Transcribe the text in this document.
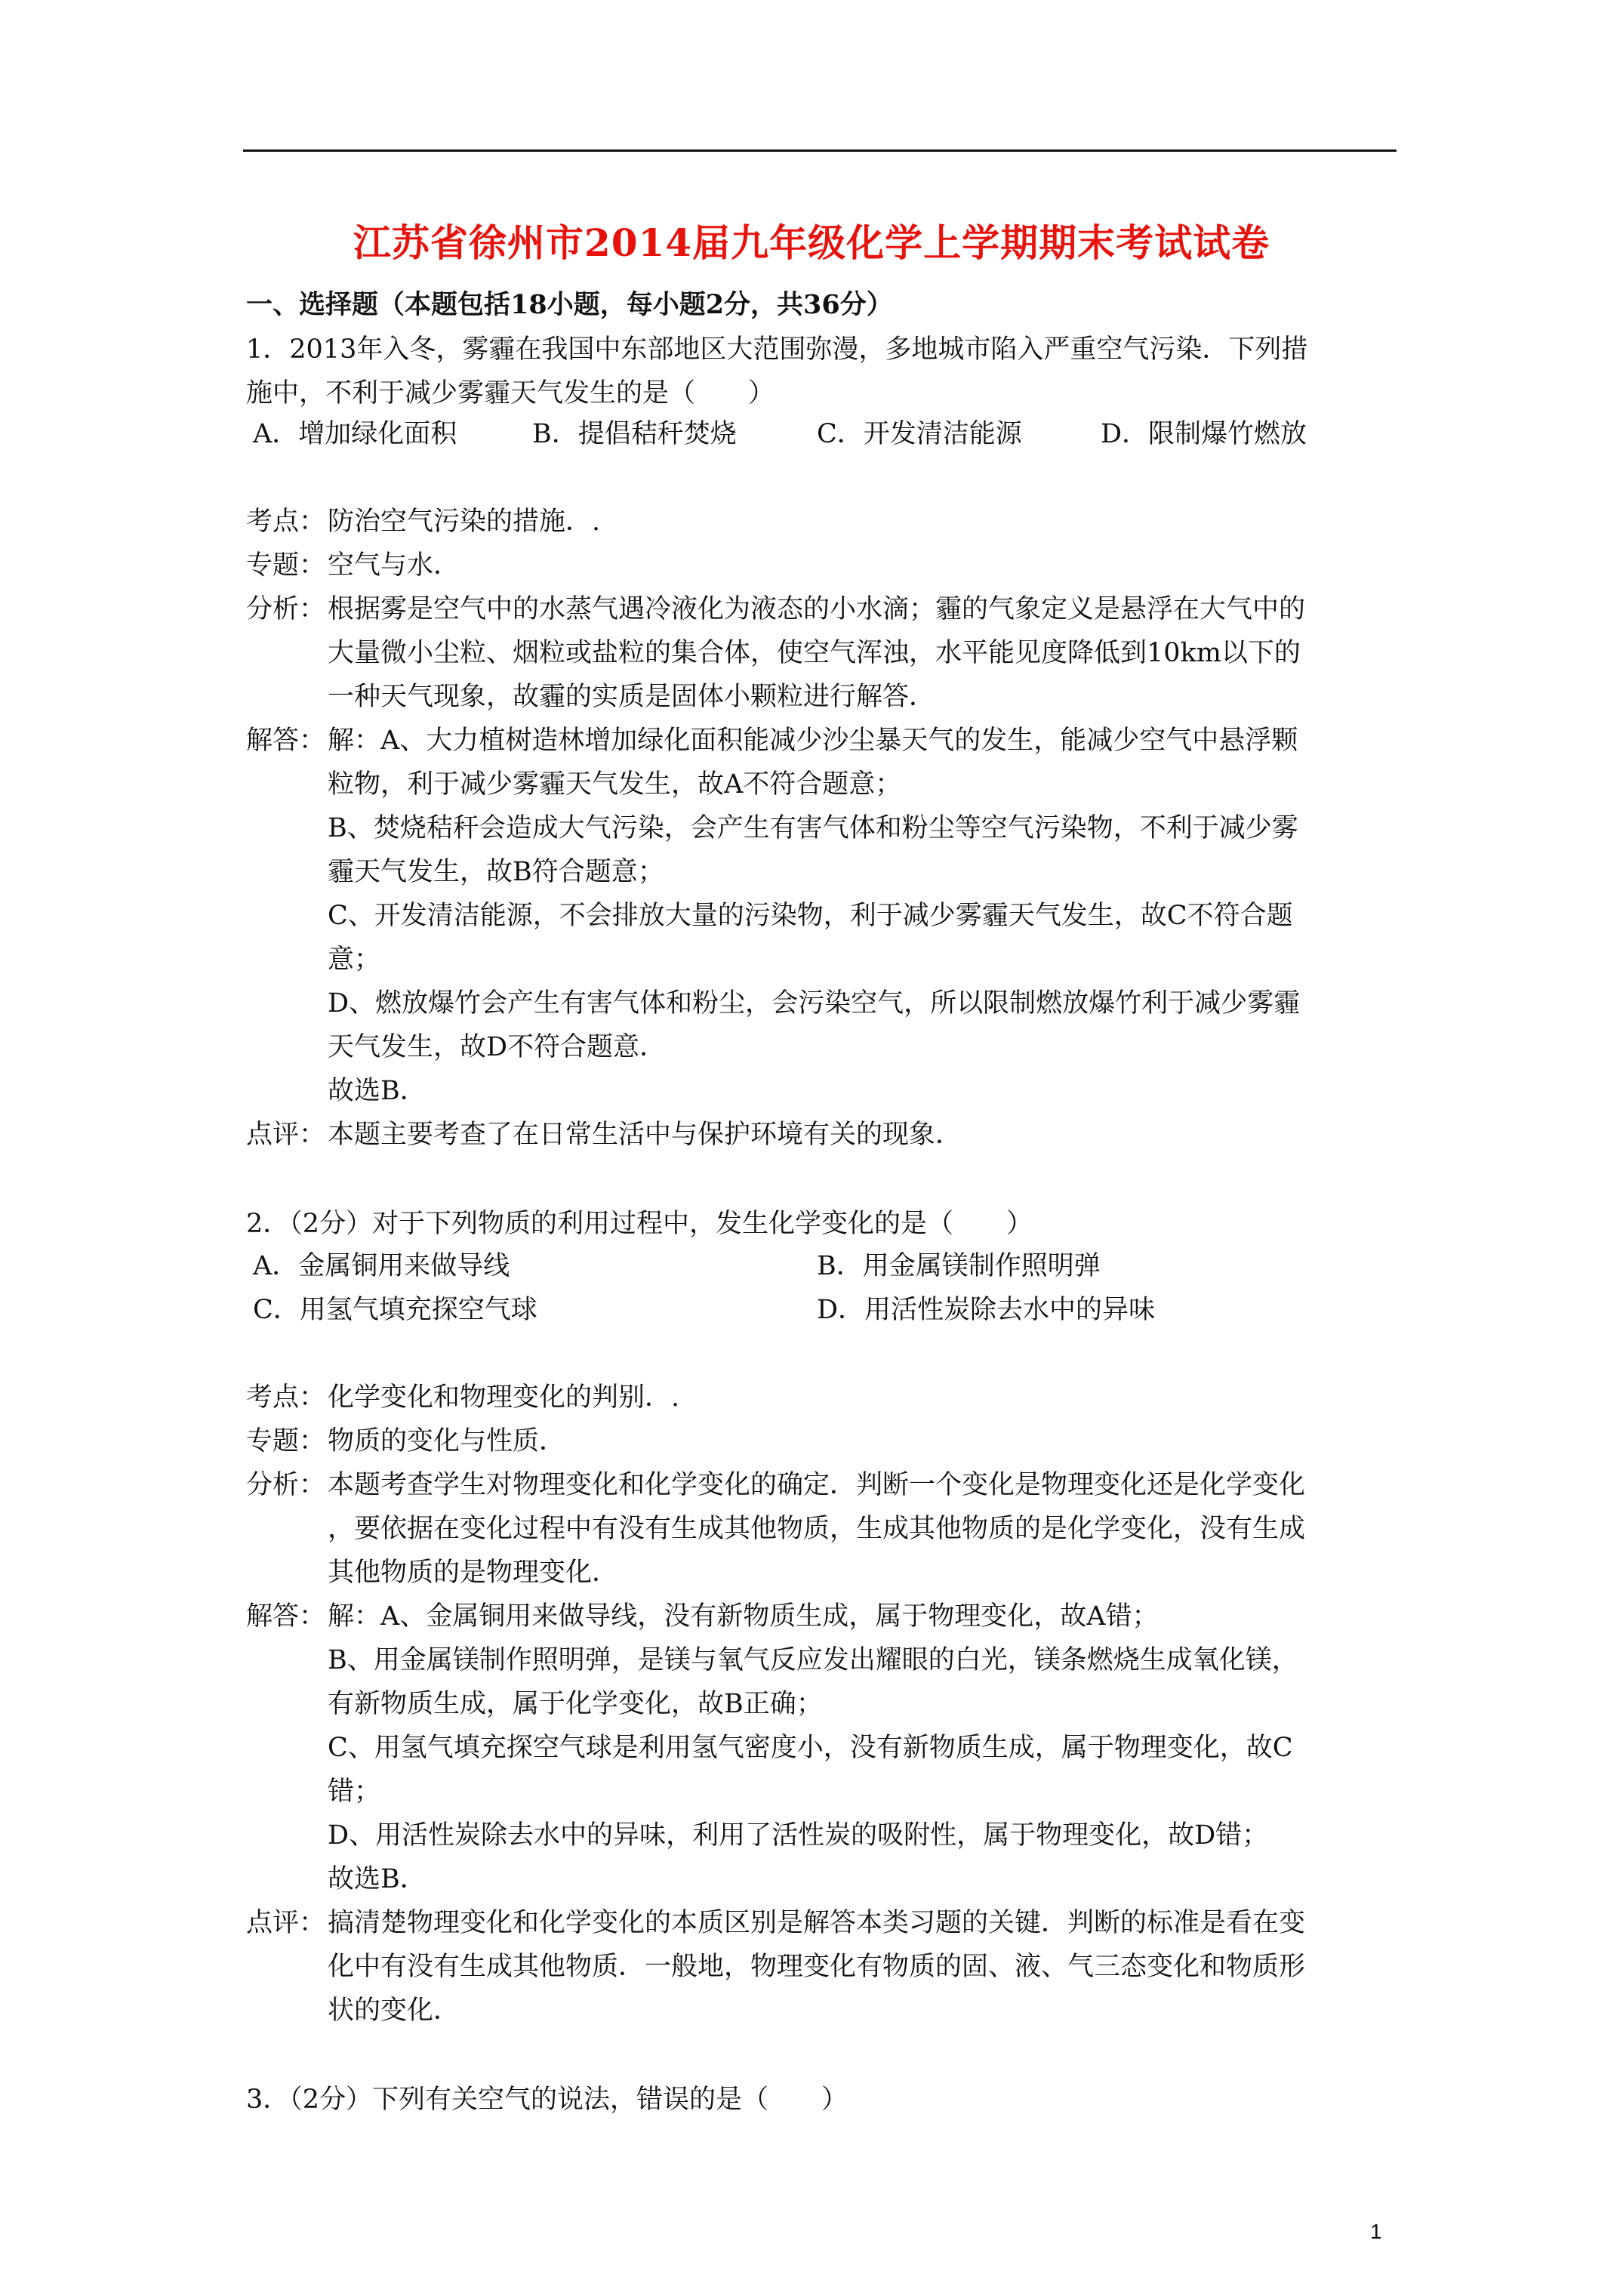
江苏省徐州市2014届九年级化学上学期期末考试试卷
一、选择题（本题包括18小题，每小题2分，共36分）
1．2013年入冬，雾霾在我国中东部地区大范围弥漫，多地城市陷入严重空气污染．下列措
施中，不利于减少雾霾天气发生的是（　　）
A．增加绿化面积	B．提倡秸秆焚烧	C．开发清洁能源	D．限制爆竹燃放
考点：防治空气污染的措施．.
专题：空气与水．
分析：根据雾是空气中的水蒸气遇冷液化为液态的小水滴；霾的气象定义是悬浮在大气中的
大量微小尘粒、烟粒或盐粒的集合体，使空气浑浊，水平能见度降低到10km以下的
一种天气现象，故霾的实质是固体小颗粒进行解答．
解答：解：A、大力植树造林增加绿化面积能减少沙尘暴天气的发生，能减少空气中悬浮颗
粒物，利于减少雾霾天气发生，故A不符合题意；
B、焚烧秸秆会造成大气污染，会产生有害气体和粉尘等空气污染物，不利于减少雾
霾天气发生，故B符合题意；
C、开发清洁能源，不会排放大量的污染物，利于减少雾霾天气发生，故C不符合题
意；
D、燃放爆竹会产生有害气体和粉尘，会污染空气，所以限制燃放爆竹利于减少雾霾
天气发生，故D不符合题意．
故选B．
点评：本题主要考查了在日常生活中与保护环境有关的现象．
2．（2分）对于下列物质的利用过程中，发生化学变化的是（　　）
A．金属铜用来做导线	B．用金属镁制作照明弹
C．用氢气填充探空气球	D．用活性炭除去水中的异味
考点：化学变化和物理变化的判别．.
专题：物质的变化与性质．
分析：本题考查学生对物理变化和化学变化的确定．判断一个变化是物理变化还是化学变化
，要依据在变化过程中有没有生成其他物质，生成其他物质的是化学变化，没有生成
其他物质的是物理变化．
解答：解：A、金属铜用来做导线，没有新物质生成，属于物理变化，故A错；
B、用金属镁制作照明弹，是镁与氧气反应发出耀眼的白光，镁条燃烧生成氧化镁，
有新物质生成，属于化学变化，故B正确；
C、用氢气填充探空气球是利用氢气密度小，没有新物质生成，属于物理变化，故C
错；
D、用活性炭除去水中的异味，利用了活性炭的吸附性，属于物理变化，故D错；
故选B．
点评：搞清楚物理变化和化学变化的本质区别是解答本类习题的关键．判断的标准是看在变
化中有没有生成其他物质．一般地，物理变化有物质的固、液、气三态变化和物质形
状的变化．
3．（2分）下列有关空气的说法，错误的是（　　）
1
